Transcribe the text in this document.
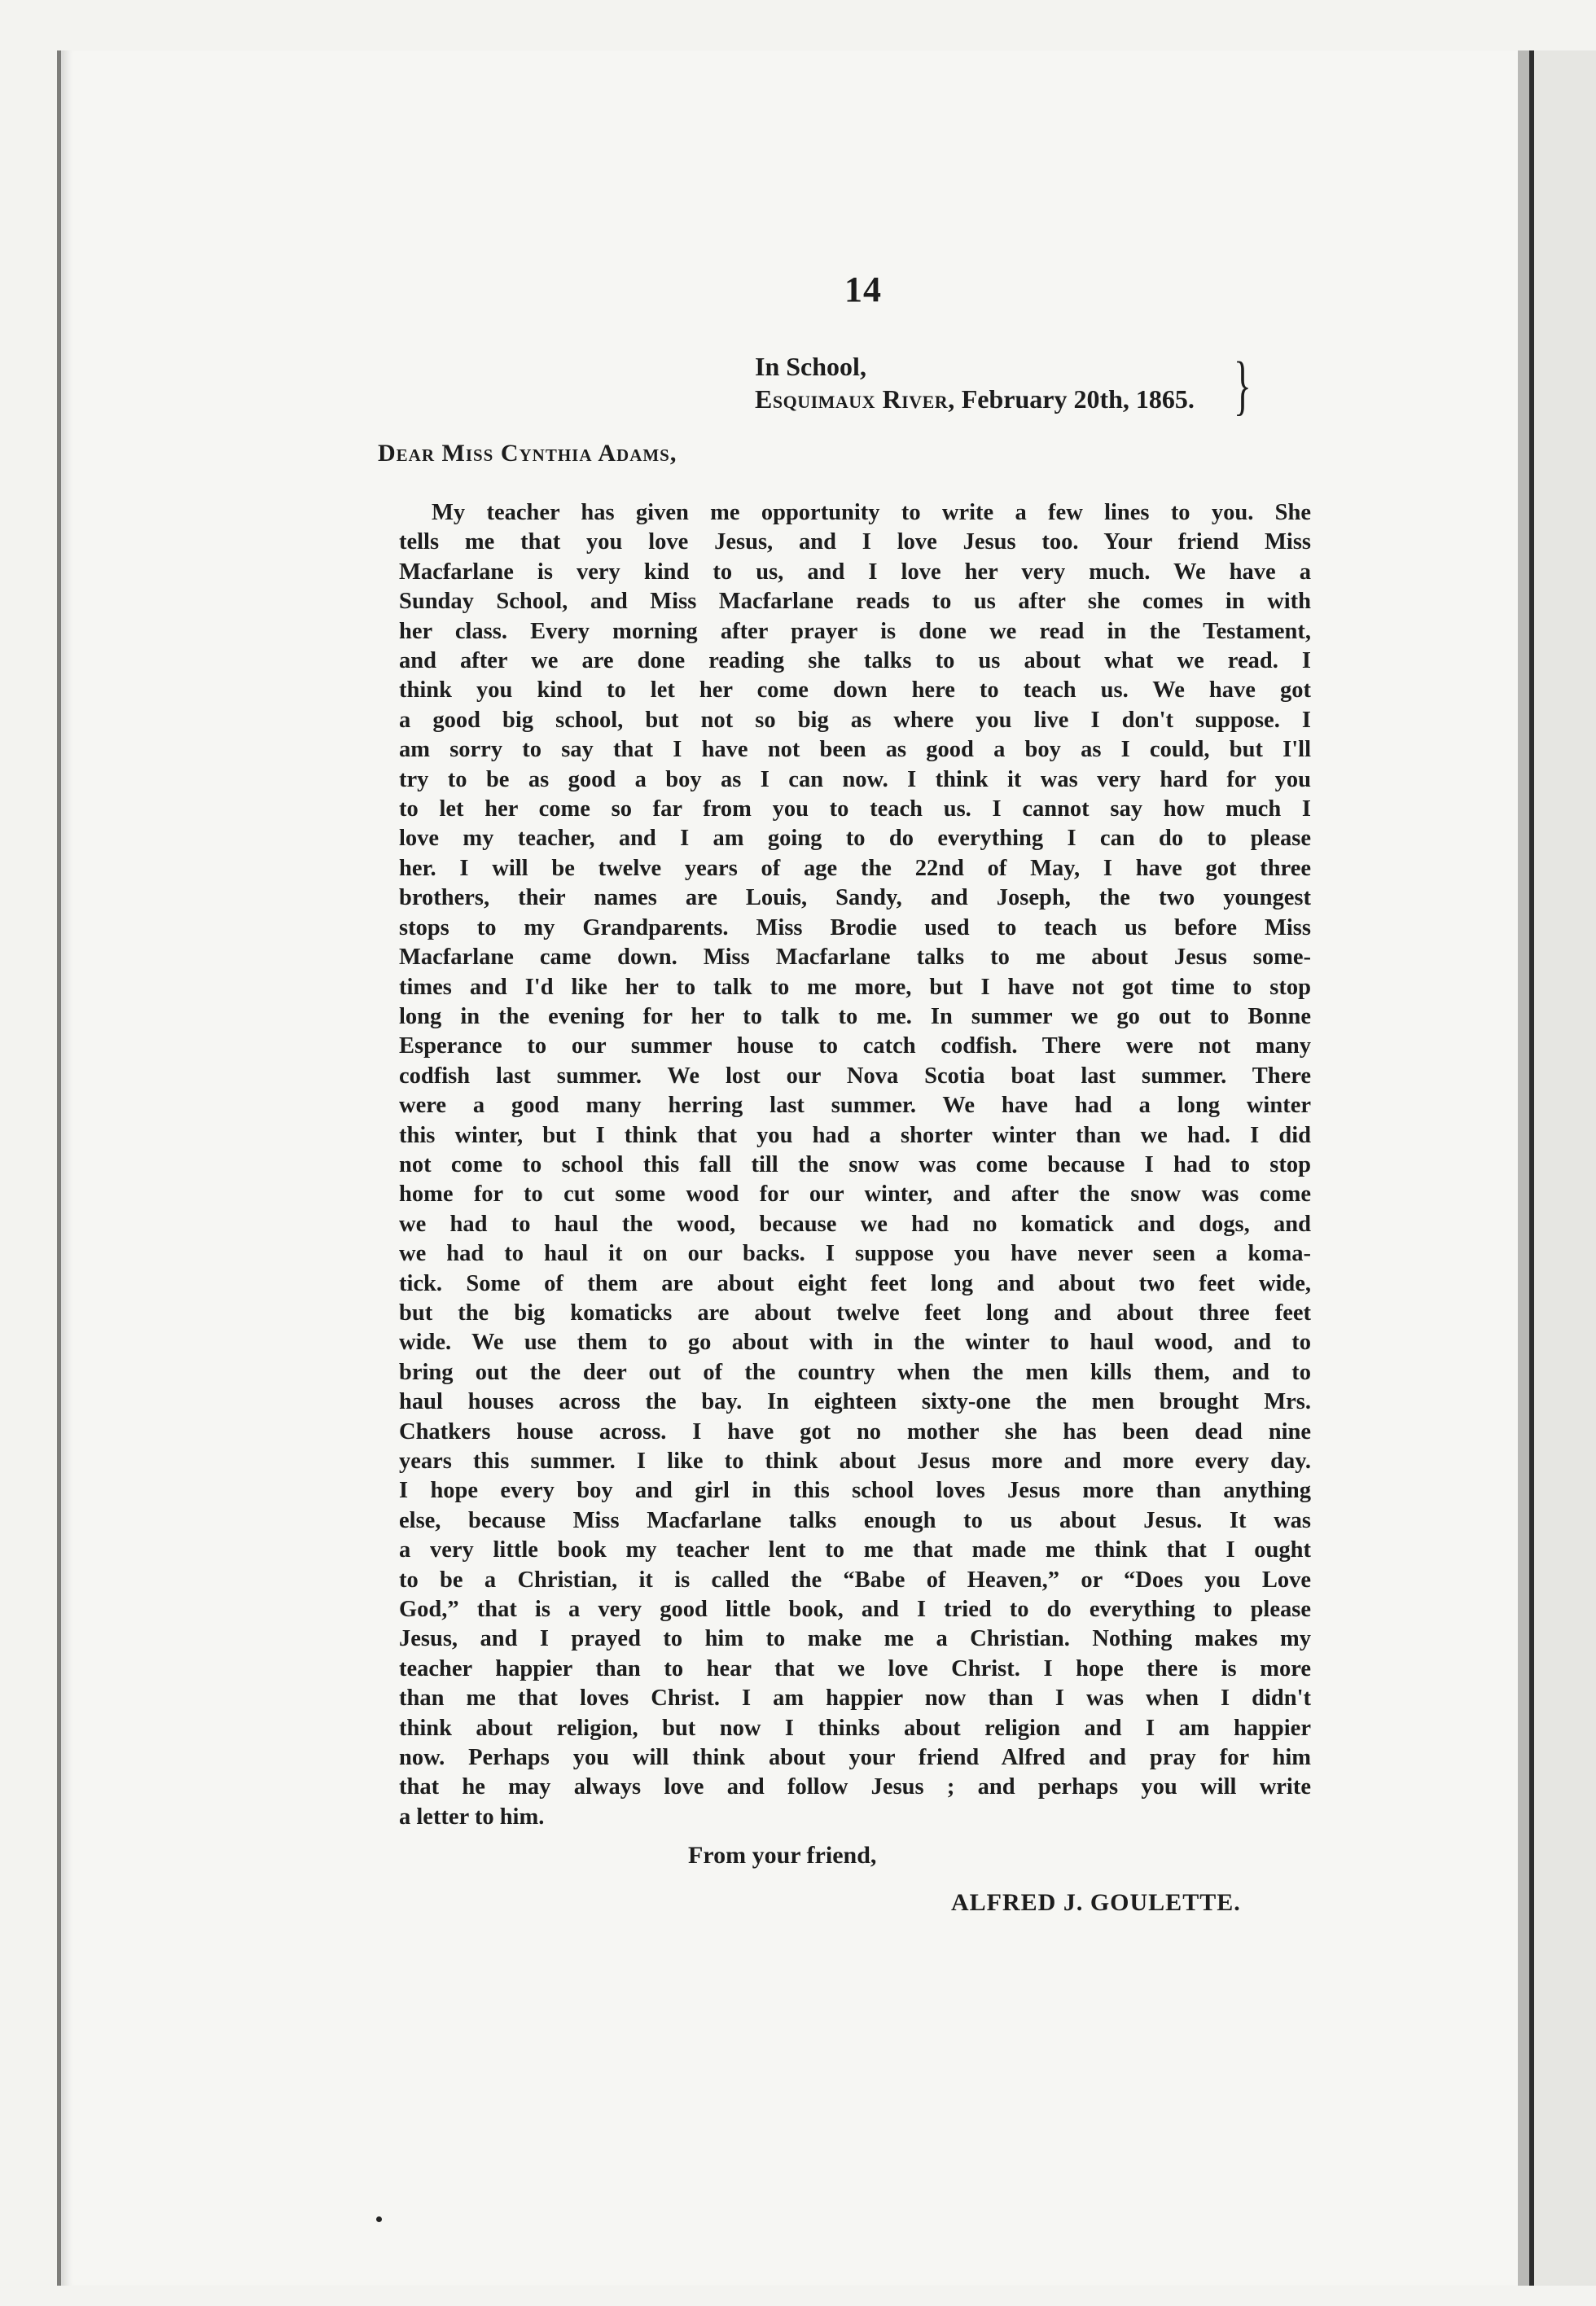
14
In School,
Esquimaux River, February 20th, 1865. }
Dear Miss Cynthia Adams,
My teacher has given me opportunity to write a few lines to you. She
tells me that you love Jesus, and I love Jesus too. Your friend Miss
Macfarlane is very kind to us, and I love her very much. We have a
Sunday School, and Miss Macfarlane reads to us after she comes in with
her class. Every morning after prayer is done we read in the Testament,
and after we are done reading she talks to us about what we read. I
think you kind to let her come down here to teach us. We have got
a good big school, but not so big as where you live I don't suppose. I
am sorry to say that I have not been as good a boy as I could, but I'll
try to be as good a boy as I can now. I think it was very hard for you
to let her come so far from you to teach us. I cannot say how much I
love my teacher, and I am going to do everything I can do to please
her. I will be twelve years of age the 22nd of May, I have got three
brothers, their names are Louis, Sandy, and Joseph, the two youngest
stops to my Grandparents. Miss Brodie used to teach us before Miss
Macfarlane came down. Miss Macfarlane talks to me about Jesus some-
times and I'd like her to talk to me more, but I have not got time to stop
long in the evening for her to talk to me. In summer we go out to Bonne
Esperance to our summer house to catch codfish. There were not many
codfish last summer. We lost our Nova Scotia boat last summer. There
were a good many herring last summer. We have had a long winter
this winter, but I think that you had a shorter winter than we had. I did
not come to school this fall till the snow was come because I had to stop
home for to cut some wood for our winter, and after the snow was come
we had to haul the wood, because we had no komatick and dogs, and
we had to haul it on our backs. I suppose you have never seen a koma-
tick. Some of them are about eight feet long and about two feet wide,
but the big komaticks are about twelve feet long and about three feet
wide. We use them to go about with in the winter to haul wood, and to
bring out the deer out of the country when the men kills them, and to
haul houses across the bay. In eighteen sixty-one the men brought Mrs.
Chatkers house across. I have got no mother she has been dead nine
years this summer. I like to think about Jesus more and more every day.
I hope every boy and girl in this school loves Jesus more than anything
else, because Miss Macfarlane talks enough to us about Jesus. It was
a very little book my teacher lent to me that made me think that I ought
to be a Christian, it is called the “Babe of Heaven,” or “Does you Love
God,” that is a very good little book, and I tried to do everything to please
Jesus, and I prayed to him to make me a Christian. Nothing makes my
teacher happier than to hear that we love Christ. I hope there is more
than me that loves Christ. I am happier now than I was when I didn't
think about religion, but now I thinks about religion and I am happier
now. Perhaps you will think about your friend Alfred and pray for him
that he may always love and follow Jesus ; and perhaps you will write
a letter to him.
From your friend,
ALFRED J. GOULETTE.
